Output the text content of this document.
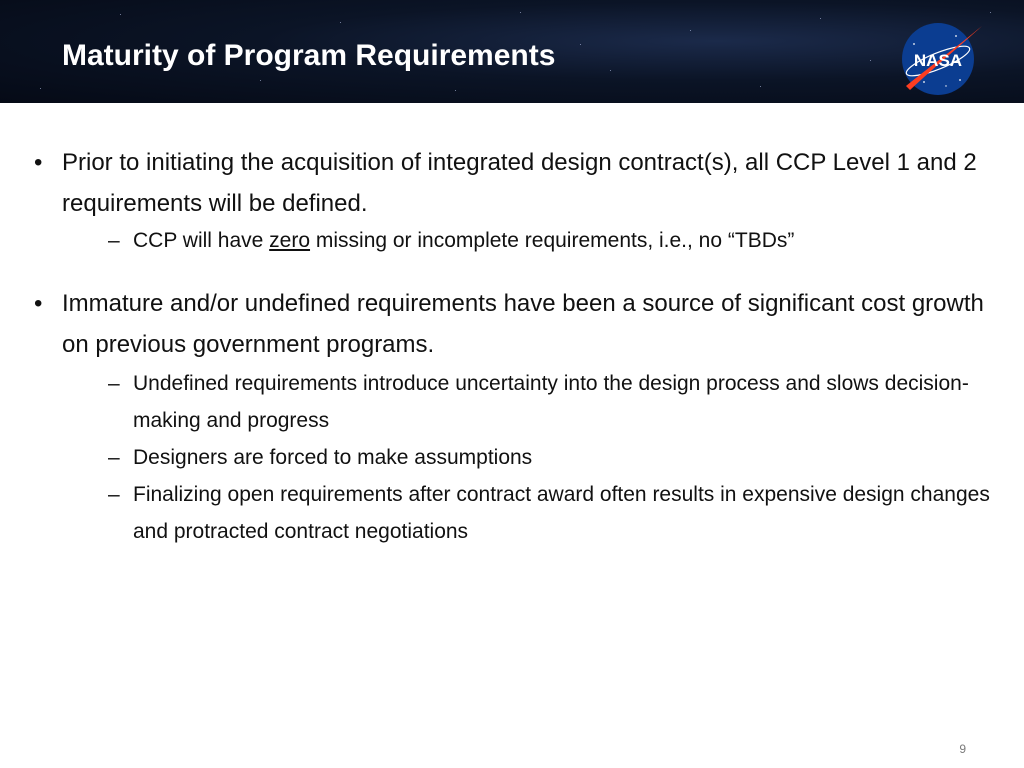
Maturity of Program Requirements	NASA
• Prior to initiating the acquisition of integrated design contract(s), all CCP Level 1 and 2 requirements will be defined.
– CCP will have zero missing or incomplete requirements, i.e., no “TBDs”
• Immature and/or undefined requirements have been a source of significant cost growth on previous government programs.
– Undefined requirements introduce uncertainty into the design process and slows decision-making and progress
– Designers are forced to make assumptions
– Finalizing open requirements after contract award often results in expensive design changes and protracted contract negotiations
9
